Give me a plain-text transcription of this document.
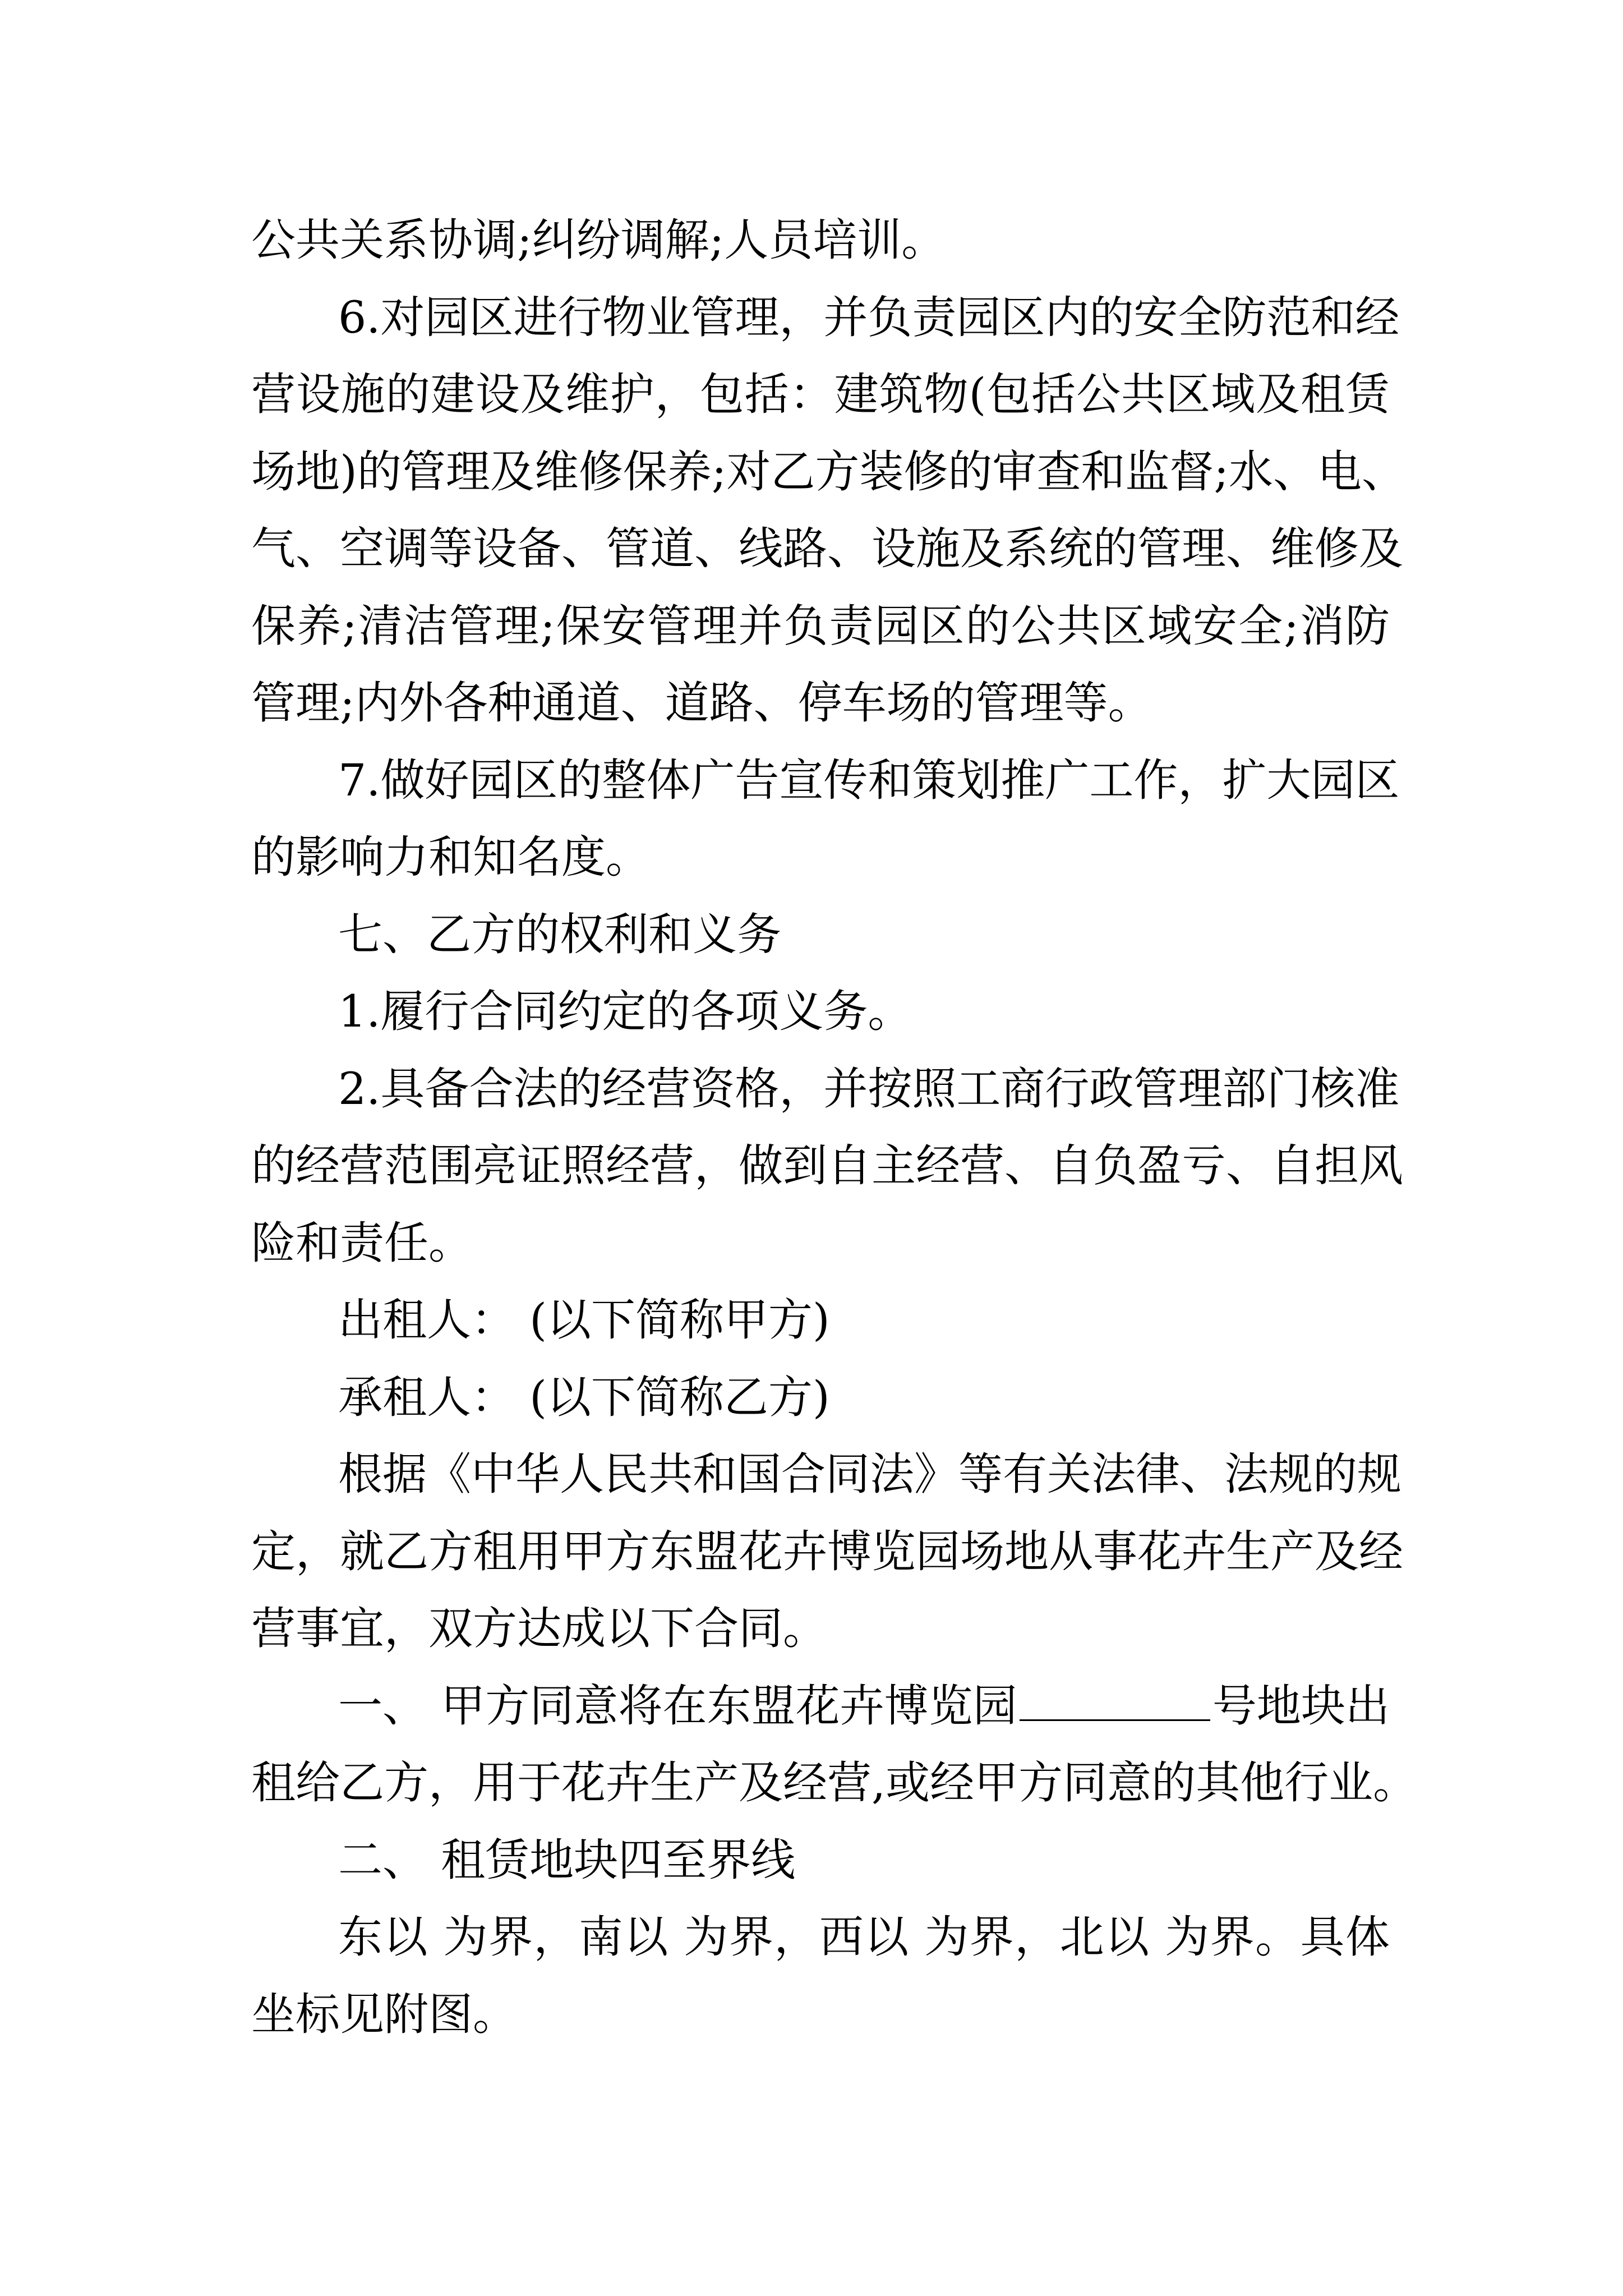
公共关系协调;纠纷调解;人员培训。
6.对园区进行物业管理，并负责园区内的安全防范和经
营设施的建设及维护，包括：建筑物(包括公共区域及租赁
场地)的管理及维修保养;对乙方装修的审查和监督;水、电、
气、空调等设备、管道、线路、设施及系统的管理、维修及
保养;清洁管理;保安管理并负责园区的公共区域安全;消防
管理;内外各种通道、道路、停车场的管理等。
7.做好园区的整体广告宣传和策划推广工作，扩大园区
的影响力和知名度。
七、乙方的权利和义务
1.履行合同约定的各项义务。
2.具备合法的经营资格，并按照工商行政管理部门核准
的经营范围亮证照经营，做到自主经营、自负盈亏、自担风
险和责任。
出租人： (以下简称甲方)
承租人： (以下简称乙方)
根据《中华人民共和国合同法》等有关法律、法规的规
定，就乙方租用甲方东盟花卉博览园场地从事花卉生产及经
营事宜，双方达成以下合同。
一、 甲方同意将在东盟花卉博览园	号地块出
租给乙方，用于花卉生产及经营,或经甲方同意的其他行业。
二、 租赁地块四至界线
东以 为界，南以 为界，西以 为界，北以 为界。具体
坐标见附图。
